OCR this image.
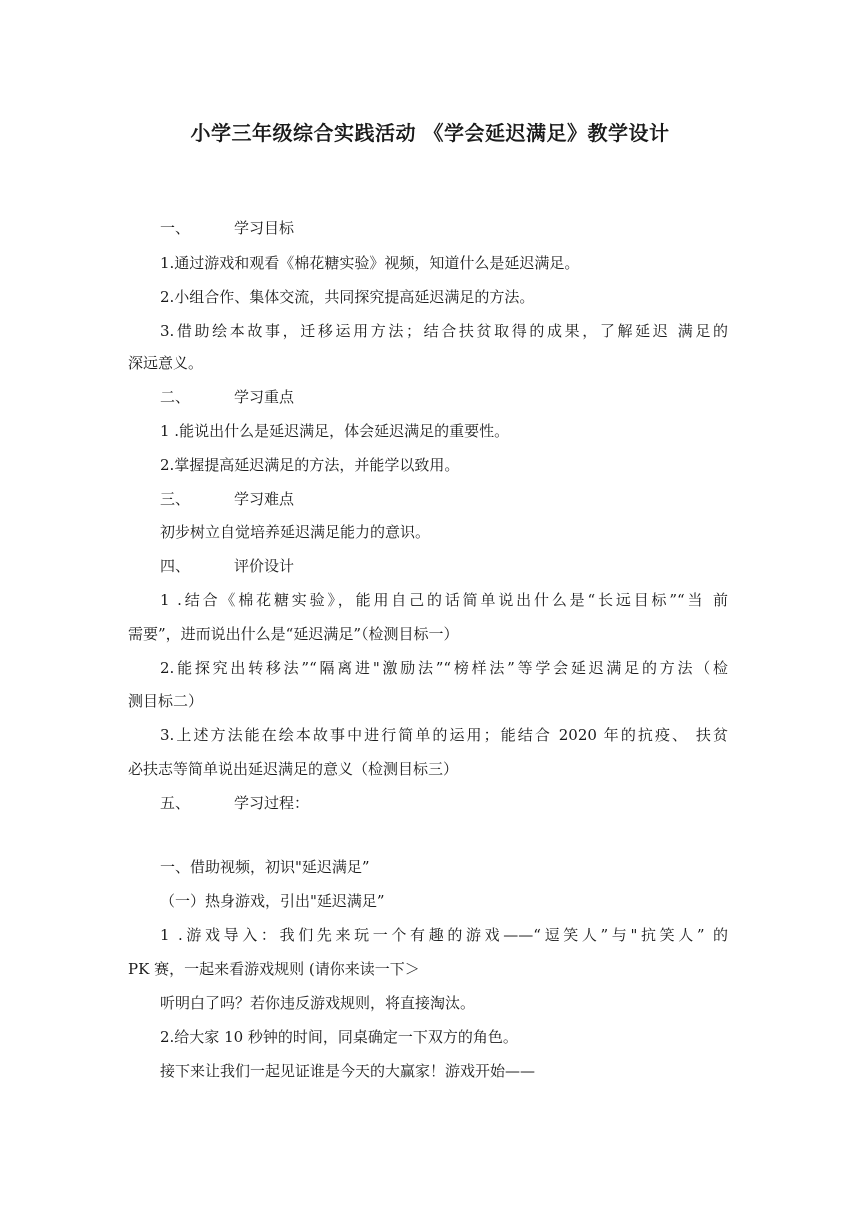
小学三年级综合实践活动 《学会延迟满足》教学设计
一、	学习目标
1.通过游戏和观看《棉花糖实验》视频，知道什么是延迟满足。
2.小组合作、集体交流，共同探究提高延迟满足的方法。
3.借助绘本故事，迁移运用方法；结合扶贫取得的成果，了解延迟 满足的
深远意义。
二、	学习重点
1 .能说出什么是延迟满足，体会延迟满足的重要性。
2.掌握提高延迟满足的方法，并能学以致用。
三、	学习难点
初步树立自觉培养延迟满足能力的意识。
四、	评价设计
1 .结合《棉花糖实验》，能用自己的话简单说出什么是“长远目标”“当 前
需要”，进而说出什么是“延迟满足”（检测目标一）
2.能探究出转移法”“隔离进"激励法”“榜样法”等学会延迟满足的方法（检
测目标二）
3.上述方法能在绘本故事中进行简单的运用；能结合 2020 年的抗疫、 扶贫
必扶志等简单说出延迟满足的意义（检测目标三）
五、	学习过程：
一、借助视频，初识"延迟满足”
（一）热身游戏，引出"延迟满足”
1 .游戏导入：我们先来玩一个有趣的游戏——“逗笑人”与"抗笑人” 的
PK 赛，一起来看游戏规则 (请你来读一下＞
听明白了吗？若你违反游戏规则，将直接淘汰。
2.给大家 10 秒钟的时间，同桌确定一下双方的角色。
接下来让我们一起见证谁是今天的大赢家！游戏开始——
